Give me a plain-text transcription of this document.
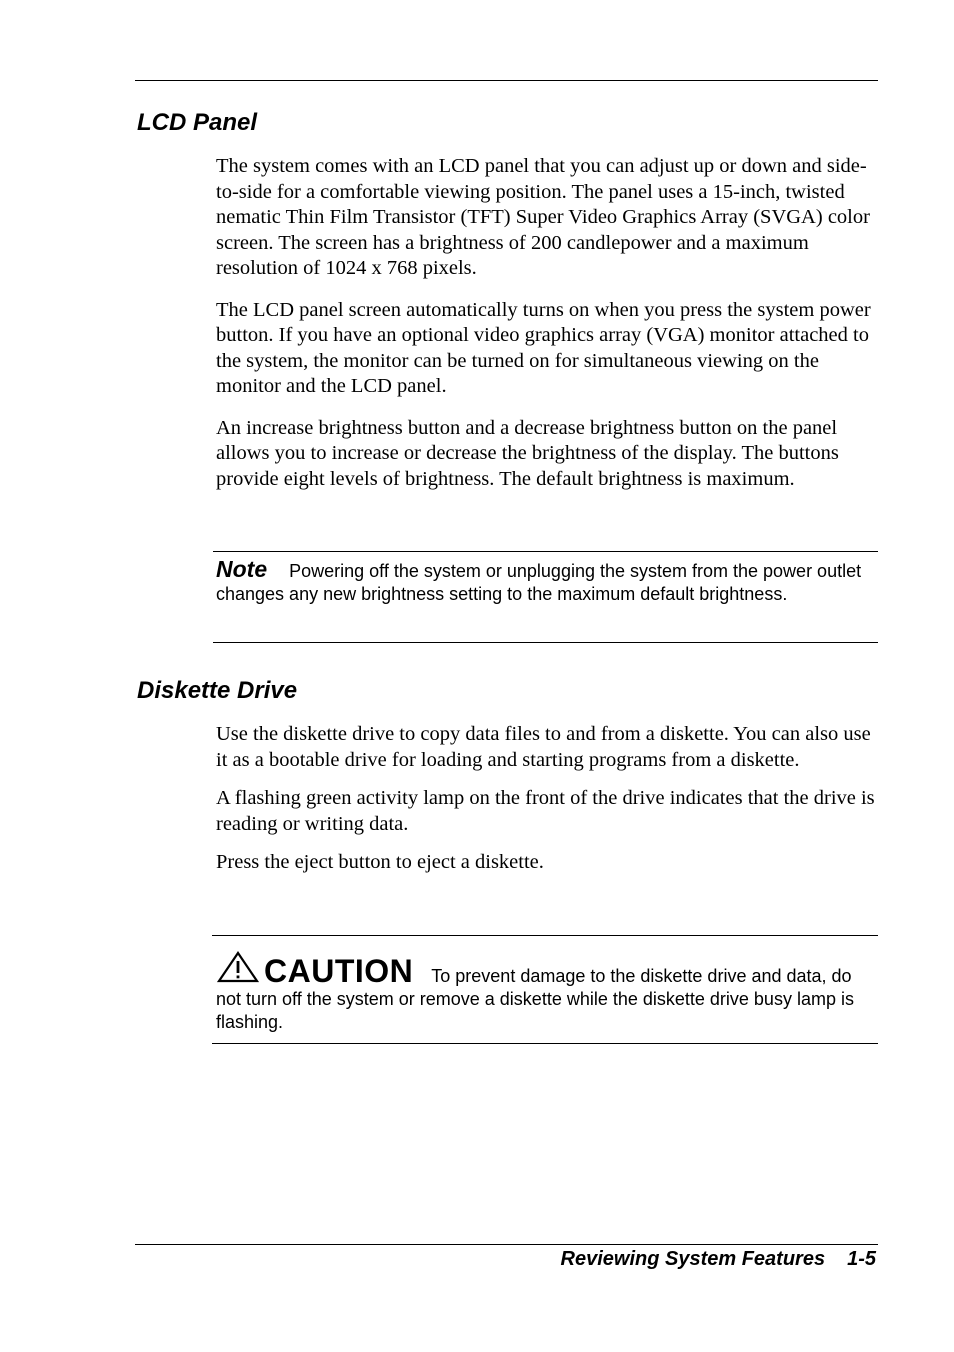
LCD Panel

The system comes with an LCD panel that you can adjust up or down and side-to-side for a comfortable viewing position. The panel uses a 15-inch, twisted nematic Thin Film Transistor (TFT) Super Video Graphics Array (SVGA) color screen. The screen has a brightness of 200 candlepower and a maximum resolution of 1024 x 768 pixels.

The LCD panel screen automatically turns on when you press the system power button. If you have an optional video graphics array (VGA) monitor attached to the system, the monitor can be turned on for simultaneous viewing on the monitor and the LCD panel.

An increase brightness button and a decrease brightness button on the panel allows you to increase or decrease the brightness of the display. The buttons provide eight levels of brightness. The default brightness is maximum.

Note Powering off the system or unplugging the system from the power outlet changes any new brightness setting to the maximum default brightness.
Diskette Drive

Use the diskette drive to copy data files to and from a diskette. You can also use it as a bootable drive for loading and starting programs from a diskette.

A flashing green activity lamp on the front of the drive indicates that the drive is reading or writing data.

Press the eject button to eject a diskette.

CAUTION To prevent damage to the diskette drive and data, do not turn off the system or remove a diskette while the diskette drive busy lamp is flashing.
Reviewing System Features 1-5
